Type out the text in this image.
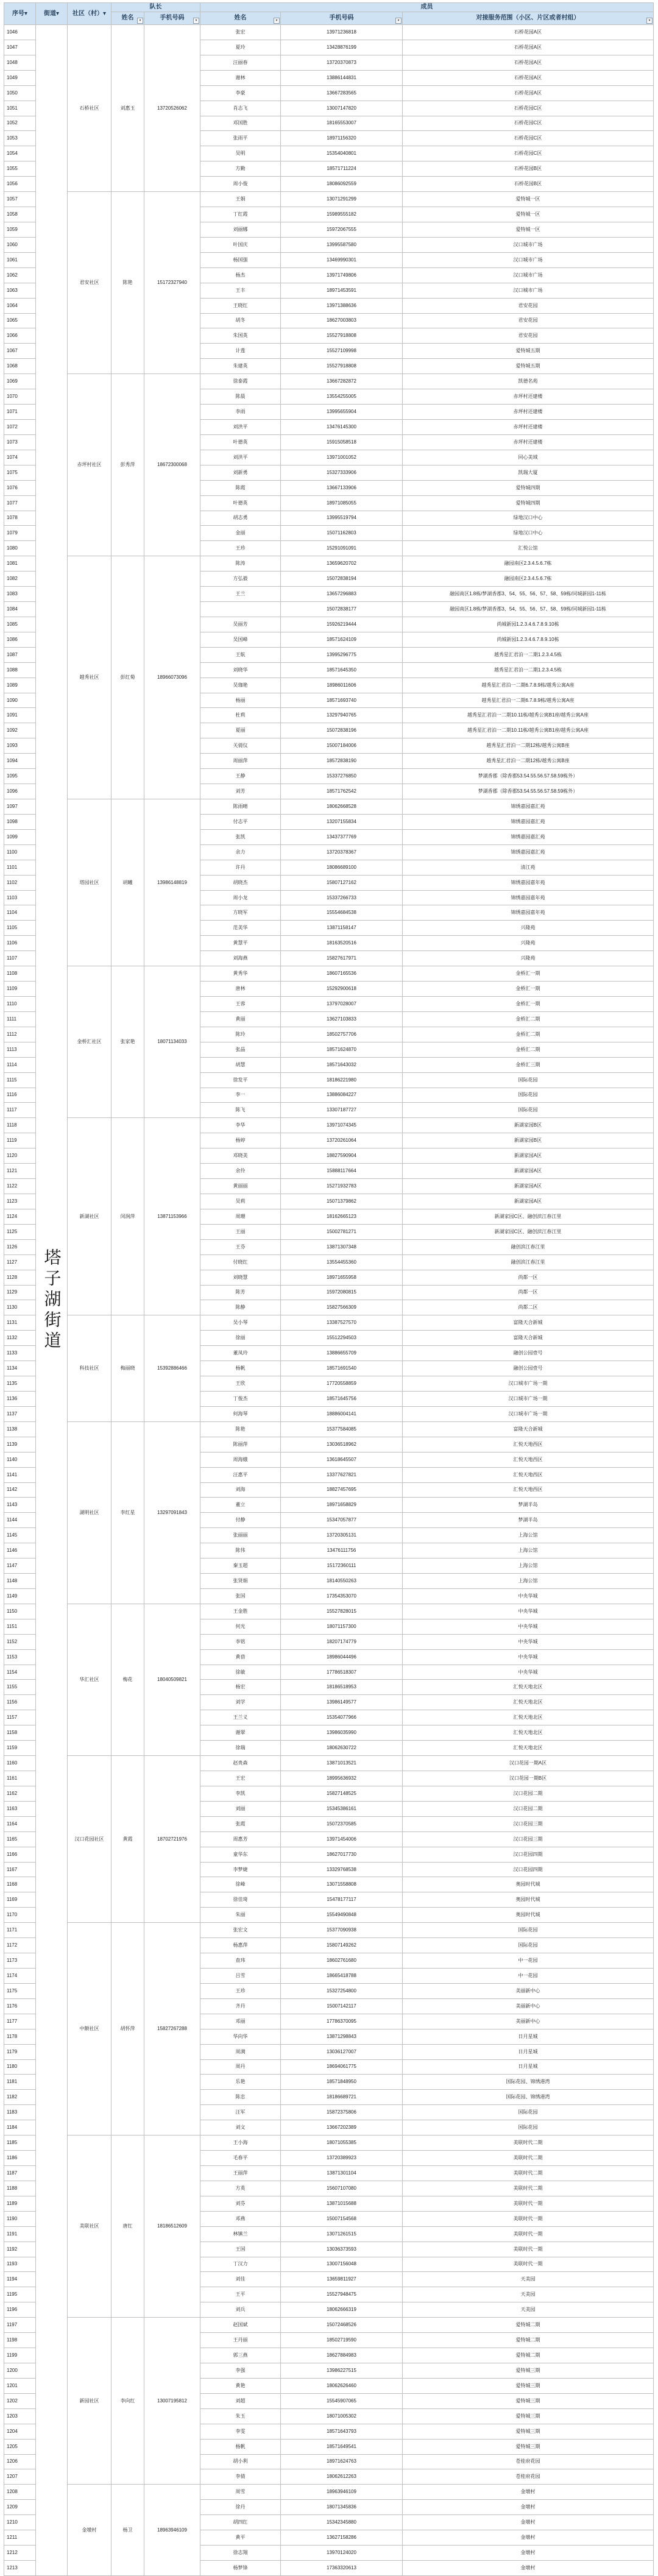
序号▾	街道▾	社区（村）▾	队长		成员		
			姓名 ▾	手机号码 ▾	姓名 ▾	手机号码 ▾	对接服务范围（小区、片区或者村组） ▾

1046	塔子湖街道	石桥社区	刘惠玉	13720526062	张宏	13971236818	石桥花园A区
1047					夏玲	13428876199	石桥花园A区
1048					汪丽春	13720370873	石桥花园A区
1049					谢林	13886144831	石桥花园A区
1050					李豪	13667283565	石桥花园A区
1051					肖志飞	13007147820	石桥花园C区
1052					邓国胜	18165553007	石桥花园C区
1053					张雨平	18971156320	石桥花园C区
1054					吴明	15354040801	石桥花园C区
1055					方勤	18571711224	石桥花园B区
1056					周小俊	18086092559	石桥花园B区
1057		君安社区	陈艳	15172327940	王娟	13071291299	爱特城一区
1058					丁红霞	15989555182	爱特城一区
1059					刘丽娜	15972067555	爱特城一区
1060					叶国庆	13995587580	汉口城市广场
1061					杨国强	13469990301	汉口城市广场
1062					杨杰	13971749806	汉口城市广场
1063					王丰	18971453591	汉口城市广场
1064					王晓红	13971388636	君安花园
1065					胡冬	18627003803	君安花园
1066					朱国英	15527918808	君安花园
1067					计莲	15527109998	爱特城五期
1068					朱建英	15527918808	爱特城五期
1069		赤坪村社区	彭秀萍	18672300068	徐泰霞	13667282872	凯德名苑
1070					陈晨	13554255005	赤坪村还建楼
1071					李雨	13995655904	赤坪村还建楼
1072					刘洪平	13476145300	赤坪村还建楼
1073					叶德英	15915058518	赤坪村还建楼
1074					刘洪平	13971001052	同心美域
1075					刘新勇	15327333906	凯瑞大厦
1076					陈霞	13667133906	爱特城四期
1077					叶德英	18971085055	爱特城四期
1078					胡志勇	13995519794	绿地汉口中心
1079					金丽	15071162803	绿地汉口中心
1080					王珍	15291091091	汇悦公馆
1081		越秀社区	彭红菊	18966073096	陈涛	13659620702	融园南区2.3.4.5.6.7栋
1082					方弘毅	15072838194	融园南区2.3.4.5.6.7栋
1083					王兰	13657296883	融园南区1.8栋/梦湖香郡3、54、55、56、57、58、59栋/同城新园1-11栋
1084						15072838177	融园南区1.8栋/梦湖香郡3、54、55、56、57、58、59栋/同城新园1-11栋
1085					吴丽芳	15926219444	尚城新园1.2.3.4.6.7.8.9.10栋
1086					吴国峰	18571624109	尚城新园1.2.3.4.6.7.8.9.10栋
1087					王航	13995296775	越秀星汇君泊一二期1.2.3.4.5栋
1088					刘晓华	18571645350	越秀星汇君泊一二期1.2.3.4.5栋
1089					吴珈艳	18986011606	越秀星汇君泊一二期6.7.8.9栋/越秀公寓A座
1090					杨丽	18571693740	越秀星汇君泊一二期6.7.8.9栋/越秀公寓A座
1091					杜莉	13297940765	越秀星汇君泊一二期10.11栋/越秀公寓B1座/越秀公寓A座
1092					夏丽	15072838196	越秀星汇君泊一二期10.11栋/越秀公寓B1座/越秀公寓A座
1093					关倩仪	15007184006	越秀星汇君泊一二期12栋/越秀公寓B座
1094					周丽萍	18572838190	越秀星汇君泊一二期12栋/越秀公寓B座
1095					王静	15337276850	梦湖香郡（除香郡53.54.55.56.57.58.59栋外）
1096					刘芳	18571762542	梦湖香郡（除香郡53.54.55.56.57.58.59栋外）
1097		塔园社区	胡曦	13986148819	陈雨晴	18062668528	锦绣嘉园嘉汇苑
1098					付志平	13207155834	锦绣嘉园嘉汇苑
1099					张凯	13437377769	锦绣嘉园嘉汇苑
1100					余力	13720378367	锦绣嘉园嘉汇苑
1101					许丹	18086689100	清江苑
1102					胡晓杰	15807127162	锦绣嘉园嘉年苑
1103					周小龙	15337266733	锦绣嘉园嘉年苑
1104					方晓军	15554684538	锦绣嘉园嘉年苑
1105					范美华	13871158147	兴隆苑
1106					黄慧平	18163520516	兴隆苑
1107					刘海燕	15827617971	兴隆苑
1108		金桥汇社区	张家艳	18071134033	黄秀华	18607165536	金桥汇一期
1109					唐林	15292900618	金桥汇一期
1110					王蓉	13797028007	金桥汇一期
1111					黄丽	13627103833	金桥汇二期
1112					陈玲	18502757706	金桥汇二期
1113					张晶	18571624870	金桥汇二期
1114					胡慧	18571643032	金桥汇三期
1115					徐发平	18186221980	国际花园
1116					李一	13886084227	国际花园
1117					陈飞	13307187727	国际花园
1118		新湖社区	闵润萍	13871153966	李华	13971074345	新湖家园B区
1119					杨婷	13720261064	新湖家园B区
1120					邓晓美	18827590904	新湖家园A区
1121					余伶	15888117664	新湖家园A区
1122					黄丽丽	15271932783	新湖家园A区
1123					吴莉	15071379862	新湖家园A区
1124					周珊	18162665123	新湖家园C区、融创滨江春江里
1125					王丽	15002781271	新湖家园C区、融创滨江春江里
1126					王芬	13871307348	融创滨江春江里
1127					付晓红	13554455360	融创滨江春江里
1128					刘晓慧	18971655958	尚都一区
1129					陈芳	15972080815	尚都一区
1130					陈静	15827566309	尚都二区
1131		科技社区	梅丽晓	15392886466	吴小琴	13387527570	富隆天合新城
1132					徐丽	15512294503	富隆天合新城
1133					董凤玲	13886655709	融创公园壹号
1134					杨帆	18571691540	融创公园壹号
1135					王欣	17720558859	汉口城市广场一期
1136					丁俊杰	18571645756	汉口城市广场一期
1137					何海琴	18886004141	汉口城市广场一期
1138		湖明社区	李红星	13297091843	陈艳	15377584085	富隆天合新城
1139					陈丽萍	13036518962	汇悦天地西区
1140					周海娥	13618645507	汇悦天地西区
1141					汪惠平	13377627821	汇悦天地西区
1142					刘海	18827457695	汇悦天地西区
1143					董立	18971658829	梦湖半岛
1144					付静	15347057877	梦湖半岛
1145					张丽丽	13720305131	上海公馆
1146					陈伟	13476111756	上海公馆
1147					秦玉超	15172360111	上海公馆
1148					张贤娟	18140550263	上海公馆
1149					张国	17354353070	中央华城
1150		华汇社区	梅花	18040509821	王金胜	15527828015	中央华城
1151					何光	18071157300	中央华城
1152					李铭	18207174779	中央华城
1153					黄蓓	18986044496	中央华城
1154					徐敏	17786518307	中央华城
1155					杨宏	18186518953	汇悦天地北区
1156					刘学	13986149577	汇悦天地北区
1157					王兰义	15354077966	汇悦天地北区
1158					谢翠	13986035990	汇悦天地北区
1159					徐瑞	18062630722	汇悦天地北区
1160		汉口花园社区	黄霞	18702721976	赵贵森	13871013521	汉口花园一期A区
1161					王宏	18995636932	汉口花园一期B区
1162					李凯	15827148525	汉口花园二期
1163					刘丽	15345386161	汉口花园二期
1164					张霞	15072370585	汉口花园三期
1165					周惠芳	13971454006	汉口花园三期
1166					童华东	18627017730	汉口花园四期
1167					李梦婕	13329768538	汉口花园四期
1168					徐峰	13071558808	奥园时代城
1169					徐佳琦	15478177117	奥园时代城
1170					朱丽	15549490848	奥园时代城
1171		中额社区	胡怀萍	15827267288	张宏文	15377090938	国际花园
1172					杨惠萍	15807149262	国际花园
1173					查玮	18602761680	中一花园
1174					吕雪	18665418788	中一花园
1175					王珍	15327254800	美丽新中心
1176					齐丹	15007142117	美丽新中心
1177					邓丽	17786370095	美丽新中心
1178					华向华	13871298843	日月星城
1179					周满	13036127007	日月星城
1180					周丹	18694061775	日月星城
1181					乐艳	18571848950	国际花园、锦绣港湾
1182					陈忠	18186689721	国际花园、锦绣港湾
1183					汪军	15872375806	国际花园
1184					刘文	13667202389	国际花园
1185		美联社区	唐红	18186512609	王小海	18071055385	美联时代二期
1186					毛春平	13720389923	美联时代二期
1187					王丽萍	13871301104	美联时代二期
1188					方英	15607107080	美联时代二期
1189					刘芬	13871015688	美联时代一期
1190					邓燕	15007154568	美联时代一期
1191					林镇兰	13071261515	美联时代一期
1192					王国	13036373593	美联时代一期
1193					丁汉力	13007156048	美联时代一期
1194					刘佳	13659811927	天美园
1195					王平	15527948475	天美园
1196					刘兵	18062666319	天美园
1197		新园社区	李向红	13007195812	赵国斌	15072468526	爱特城二期
1198					王丹丽	18502719590	爱特城二期
1199					郭三燕	18627884983	爱特城二期
1200					李强	13986227515	爱特城三期
1201					黄艳	18062626460	爱特城三期
1202					刘超	15545907065	爱特城三期
1203					朱玉	18071005302	爱特城三期
1204					李雯	18571643793	爱特城三期
1205					杨帆	18571649541	爱特城三期
1206					胡小利	18971624763	苍桂府花园
1207					李倩	18062612263	苍桂府花园
1208		金墩村	杨卫	18963946109	周雪	18963946109	金墩村
1209					徐丹	18071345836	金墩村
1210					胡四红	15342345880	金墩村
1211					黄平	13627158286	金墩村
1212					徐志翔	13970124020	金墩村
1213					杨梦锋	17363320613	金墩村
